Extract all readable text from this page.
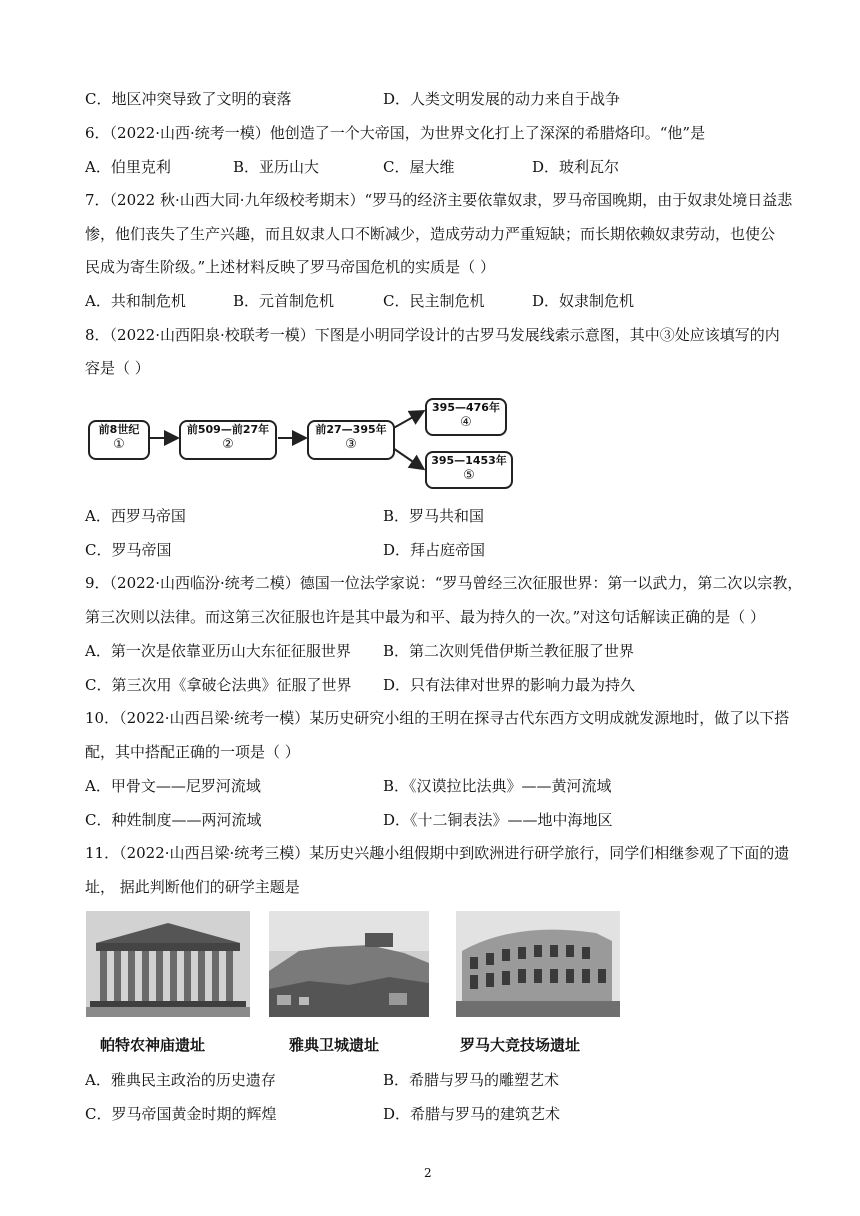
C．地区冲突导致了文明的衰落	D．人类文明发展的动力来自于战争
6．（2022·山西·统考一模）他创造了一个大帝国，为世界文化打上了深深的希腊烙印。“他”是
A．伯里克利	B．亚历山大	C．屋大维	D．玻利瓦尔
7．（2022 秋·山西大同·九年级校考期末）“罗马的经济主要依靠奴隶，罗马帝国晚期，由于奴隶处境日益悲
惨，他们丧失了生产兴趣，而且奴隶人口不断减少，造成劳动力严重短缺；而长期依赖奴隶劳动，也使公
民成为寄生阶级。”上述材料反映了罗马帝国危机的实质是（ ）
A．共和制危机	B．元首制危机	C．民主制危机	D．奴隶制危机
8．（2022·山西阳泉·校联考一模）下图是小明同学设计的古罗马发展线索示意图，其中③处应该填写的内
容是（ ）
前8世纪
①
前509—前27年
②
前27—395年
③
395—476年
④
395—1453年
⑤
A．西罗马帝国	B．罗马共和国
C．罗马帝国	D．拜占庭帝国
9．（2022·山西临汾·统考二模）德国一位法学家说：“罗马曾经三次征服世界：第一以武力，第二次以宗教，
第三次则以法律。而这第三次征服也许是其中最为和平、最为持久的一次。”对这句话解读正确的是（ ）
A．第一次是依靠亚历山大东征征服世界 B．第二次则凭借伊斯兰教征服了世界
C．第三次用《拿破仑法典》征服了世界 D．只有法律对世界的影响力最为持久
10．（2022·山西吕梁·统考一模）某历史研究小组的王明在探寻古代东西方文明成就发源地时，做了以下搭
配，其中搭配正确的一项是（ ）
A．甲骨文——尼罗河流域	B．《汉谟拉比法典》——黄河流域
C．种姓制度——两河流域	D．《十二铜表法》——地中海地区
11．（2022·山西吕梁·统考三模）某历史兴趣小组假期中到欧洲进行研学旅行，同学们相继参观了下面的遗
址， 据此判断他们的研学主题是
帕特农神庙遗址	雅典卫城遗址	罗马大竞技场遗址
A．雅典民主政治的历史遗存	B．希腊与罗马的雕塑艺术
C．罗马帝国黄金时期的辉煌	D．希腊与罗马的建筑艺术
2
